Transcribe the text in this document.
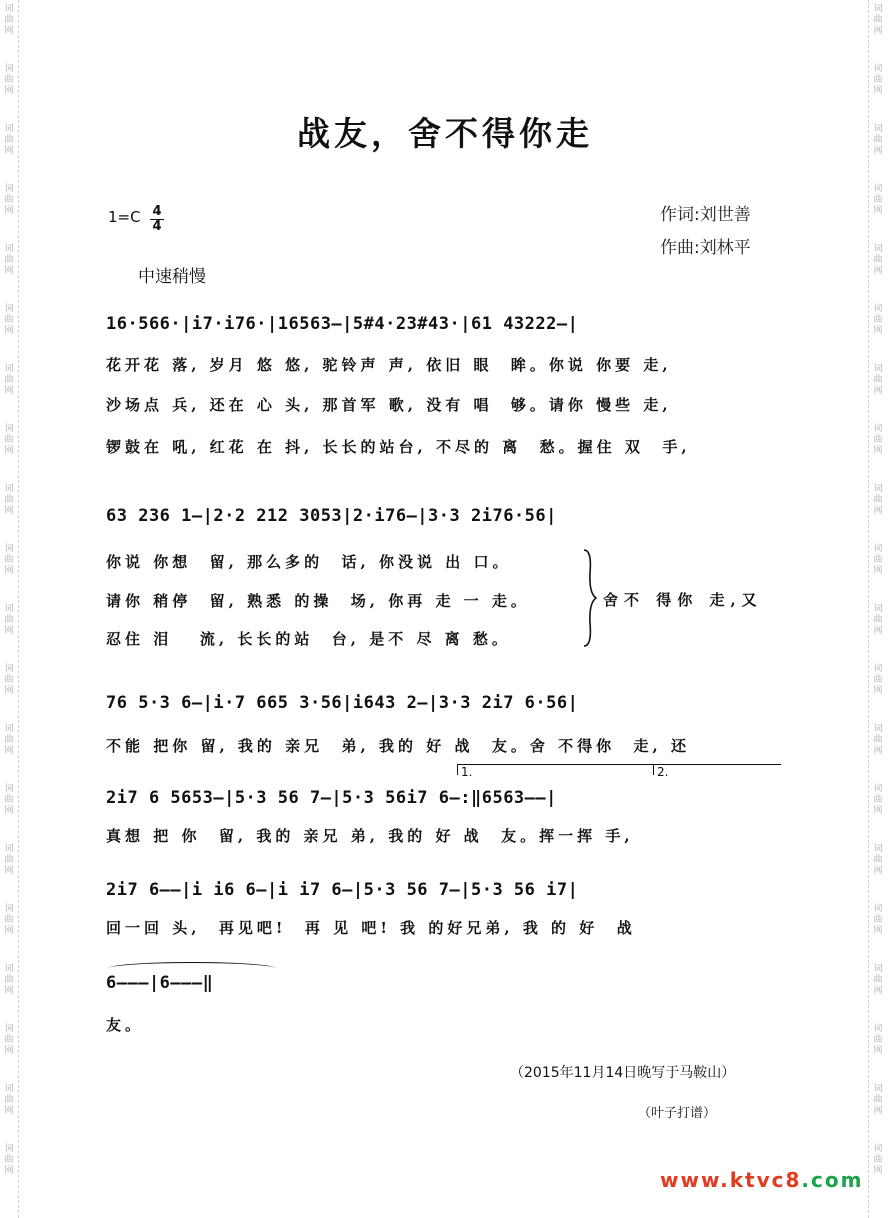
词
曲
网
词
曲
网
词
曲
网
词
曲
网
词
曲
网
词
曲
网
词
曲
网
词
曲
网
词
曲
网
词
曲
网
词
曲
网
词
曲
网
词
曲
网
词
曲
网
词
曲
网
词
曲
网
词
曲
网
词
曲
网
词
曲
网
词
曲
网
词
曲
网
词
曲
网
词
曲
网
词
曲
网
词
曲
网
词
曲
网
词
曲
网
词
曲
网
词
曲
网
词
曲
网
词
曲
网
词
曲
网
词
曲
网
词
曲
网
词
曲
网
词
曲
网
词
曲
网
词
曲
网
词
曲
网
词
曲
网
战友，舍不得你走
1=C 4
4
作词:刘世善
作曲:刘林平
中速稍慢
16·566·|i7·i76·|16563—|5#4·23#43·|61 43222—|
花开花 落, 岁月 悠 悠, 驼铃声 声, 依旧 眼  眸。你说 你要 走,
沙场点 兵, 还在 心 头, 那首军 歌, 没有 唱  够。请你 慢些 走,
锣鼓在 吼, 红花 在 抖, 长长的站台, 不尽的 离  愁。握住 双  手,
63 236 1—|2·2 212 3053|2·i76—|3·3 2i76·56|
你说 你想  留, 那么多的  话, 你没说 出 口。
请你 稍停  留, 熟悉 的操  场, 你再 走 一 走。
忍住 泪   流, 长长的站  台, 是不 尽 离 愁。
舍不 得你 走,又
76 5·3 6—|i·7 665 3·56|i643 2—|3·3 2i7 6·56|
不能 把你 留, 我的 亲兄  弟, 我的 好 战  友。舍 不得你  走, 还
1.	2.
2i7 6 5653—|5·3 56 7—|5·3 56i7 6—:‖6563——|
真想 把 你  留, 我的 亲兄 弟, 我的 好 战  友。挥一挥 手,
2i7 6——|i i6 6—|i i7 6—|5·3 56 7—|5·3 56 i7|
回一回 头,  再见吧!  再 见 吧! 我 的好兄弟, 我 的 好  战
6———|6———‖
友。
（2015年11月14日晚写于马鞍山）
（叶子打谱）
www.ktvc8.com
